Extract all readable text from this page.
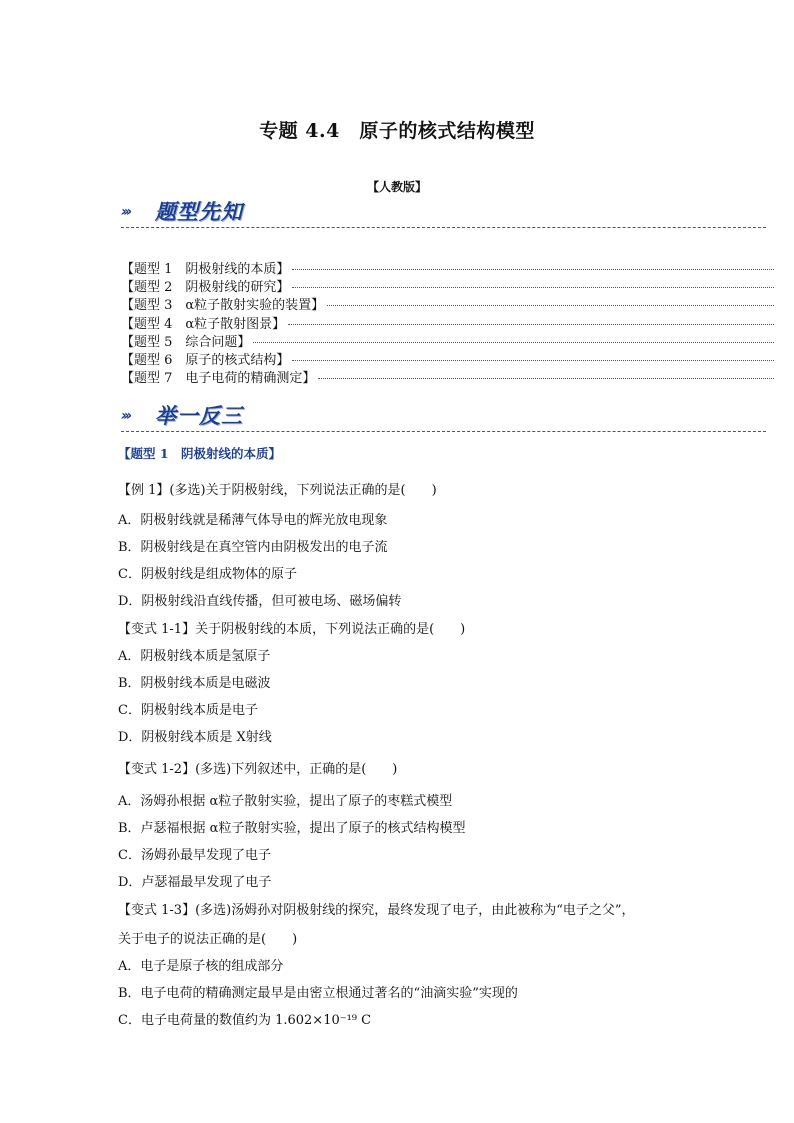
专题 4.4　原子的核式结构模型
【人教版】
››› 题型先知
【题型 1　阴极射线的本质】
【题型 2　阴极射线的研究】
【题型 3　α粒子散射实验的装置】
【题型 4　α粒子散射图景】
【题型 5　综合问题】
【题型 6　原子的核式结构】
【题型 7　电子电荷的精确测定】
››› 举一反三
【题型 1　阴极射线的本质】
【例 1】(多选)关于阴极射线，下列说法正确的是(　　)
A．阴极射线就是稀薄气体导电的辉光放电现象
B．阴极射线是在真空管内由阴极发出的电子流
C．阴极射线是组成物体的原子
D．阴极射线沿直线传播，但可被电场、磁场偏转
【变式 1-1】关于阴极射线的本质，下列说法正确的是(　　)
A．阴极射线本质是氢原子
B．阴极射线本质是电磁波
C．阴极射线本质是电子
D．阴极射线本质是 X射线
【变式 1-2】(多选)下列叙述中，正确的是(　　)
A．汤姆孙根据 α粒子散射实验，提出了原子的枣糕式模型
B．卢瑟福根据 α粒子散射实验，提出了原子的核式结构模型
C．汤姆孙最早发现了电子
D．卢瑟福最早发现了电子
【变式 1-3】(多选)汤姆孙对阴极射线的探究，最终发现了电子，由此被称为“电子之父”，
关于电子的说法正确的是(　　)
A．电子是原子核的组成部分
B．电子电荷的精确测定最早是由密立根通过著名的“油滴实验”实现的
C．电子电荷量的数值约为 1.602×10⁻¹⁹ C
